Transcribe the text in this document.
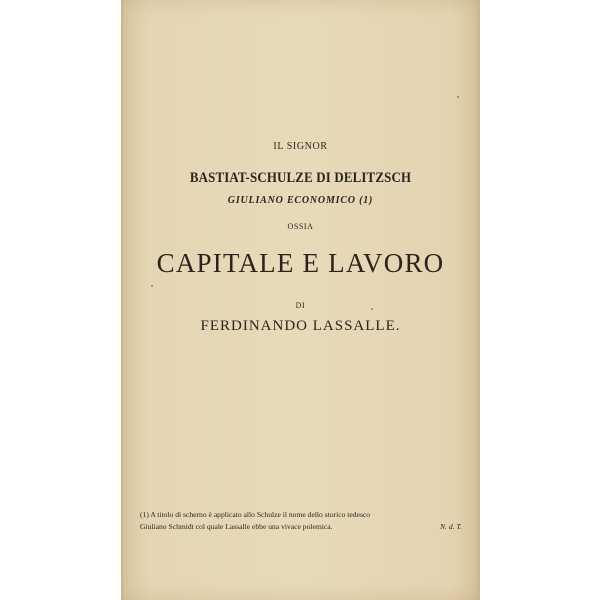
IL SIGNOR
BASTIAT-SCHULZE DI DELITZSCH
GIULIANO ECONOMICO (1)
OSSIA
CAPITALE E LAVORO
DI
FERDINANDO LASSALLE.
(1) A titolo di scherno è applicato allo Schulze il nome dello storico tedesco
Giuliano Schmidt col quale Lassalle ebbe una vivace polemica.	N. d. T.
